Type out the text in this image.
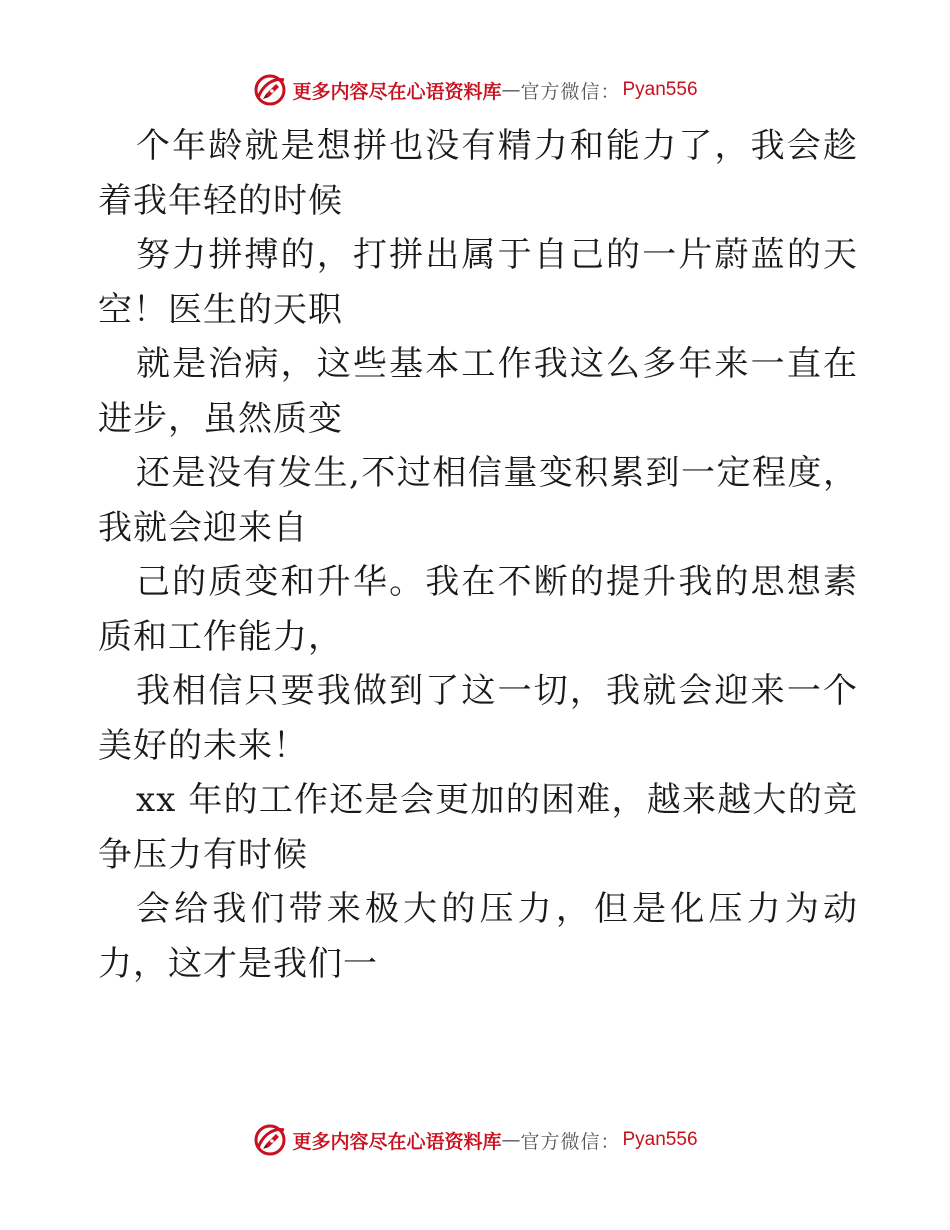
更多内容尽在心语资料库 — 官方微信： Pyan556

个年龄就是想拼也没有精力和能力了，我会趁着我年轻的时候

努力拼搏的，打拼出属于自己的一片蔚蓝的天空！医生的天职

就是治病，这些基本工作我这么多年来一直在进步，虽然质变

还是没有发生,不过相信量变积累到一定程度，我就会迎来自

己的质变和升华。我在不断的提升我的思想素质和工作能力，

我相信只要我做到了这一切，我就会迎来一个美好的未来！

xx 年的工作还是会更加的困难，越来越大的竞争压力有时候

会给我们带来极大的压力，但是化压力为动力，这才是我们一

更多内容尽在心语资料库 — 官方微信： Pyan556
